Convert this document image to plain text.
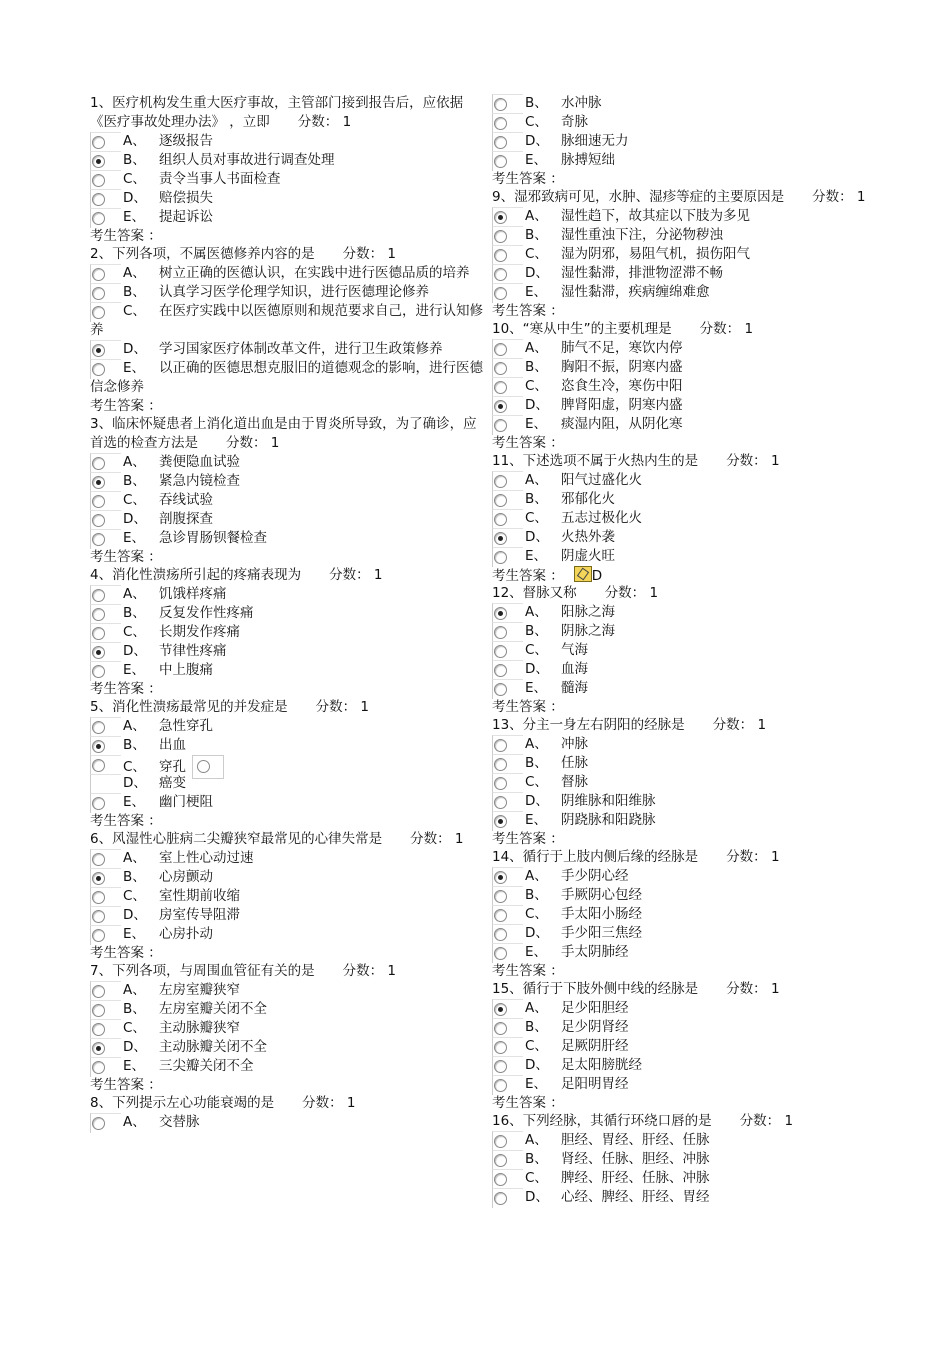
1、医疗机构发生重大医疗事故，主管部门接到报告后，应依据《医疗事故处理办法》 ，立即 分数： 1
A、 逐级报告
B、 组织人员对事故进行调查处理
C、 责令当事人书面检查
D、 赔偿损失
E、 提起诉讼
考生答案 ：
2、下列各项，不属医德修养内容的是 分数： 1
A、 树立正确的医德认识，在实践中进行医德品质的培养
B、 认真学习医学伦理学知识，进行医德理论修养
C、 在医疗实践中以医德原则和规范要求自己，进行认知修养
D、 学习国家医疗体制改革文件，进行卫生政策修养
E、 以正确的医德思想克服旧的道德观念的影响，进行医德信念修养
考生答案 ：
3、临床怀疑患者上消化道出血是由于胃炎所导致，为了确诊，应首选的检查方法是 分数： 1
A、 粪便隐血试验
B、 紧急内镜检查
C、 吞线试验
D、 剖腹探查
E、 急诊胃肠钡餐检查
考生答案 ：
4、消化性溃疡所引起的疼痛表现为 分数： 1
A、 饥饿样疼痛
B、 反复发作性疼痛
C、 长期发作疼痛
D、 节律性疼痛
E、 中上腹痛
考生答案 ：
5、消化性溃疡最常见的并发症是 分数： 1
A、 急性穿孔
B、 出血
C、 穿孔
D、 癌变
E、 幽门梗阻
考生答案 ：
6、风湿性心脏病二尖瓣狭窄最常见的心律失常是 分数： 1
A、 室上性心动过速
B、 心房颤动
C、 室性期前收缩
D、 房室传导阻滞
E、 心房扑动
考生答案 ：
7、下列各项，与周围血管征有关的是 分数： 1
A、 左房室瓣狭窄
B、 左房室瓣关闭不全
C、 主动脉瓣狭窄
D、 主动脉瓣关闭不全
E、 三尖瓣关闭不全
考生答案 ：
8、下列提示左心功能衰竭的是 分数： 1
A、 交替脉
B、 水冲脉
C、 奇脉
D、 脉细速无力
E、 脉搏短绌
考生答案 ：
9、湿邪致病可见，水肿、湿疹等症的主要原因是 分数： 1
A、 湿性趋下，故其症以下肢为多见
B、 湿性重浊下注，分泌物秽浊
C、 湿为阴邪，易阻气机，损伤阳气
D、 湿性黏滞，排泄物涩滞不畅
E、 湿性黏滞，疾病缠绵难愈
考生答案 ：
10、“寒从中生”的主要机理是 分数： 1
A、 肺气不足，寒饮内停
B、 胸阳不振，阴寒内盛
C、 恣食生冷，寒伤中阳
D、 脾肾阳虚，阴寒内盛
E、 痰湿内阻，从阴化寒
考生答案 ：
11、下述选项不属于火热内生的是 分数： 1
A、 阳气过盛化火
B、 邪郁化火
C、 五志过极化火
D、 火热外袭
E、 阴虚火旺
考生答案 ： D
12、督脉又称 分数： 1
A、 阳脉之海
B、 阴脉之海
C、 气海
D、 血海
E、 髓海
考生答案 ：
13、分主一身左右阴阳的经脉是 分数： 1
A、 冲脉
B、 任脉
C、 督脉
D、 阴维脉和阳维脉
E、 阴跷脉和阳跷脉
考生答案 ：
14、循行于上肢内侧后缘的经脉是 分数： 1
A、 手少阴心经
B、 手厥阴心包经
C、 手太阳小肠经
D、 手少阳三焦经
E、 手太阴肺经
考生答案 ：
15、循行于下肢外侧中线的经脉是 分数： 1
A、 足少阳胆经
B、 足少阴肾经
C、 足厥阴肝经
D、 足太阳膀胱经
E、 足阳明胃经
考生答案 ：
16、下列经脉，其循行环绕口唇的是 分数： 1
A、 胆经、胃经、肝经、任脉
B、 肾经、任脉、胆经、冲脉
C、 脾经、肝经、任脉、冲脉
D、 心经、脾经、肝经、胃经
